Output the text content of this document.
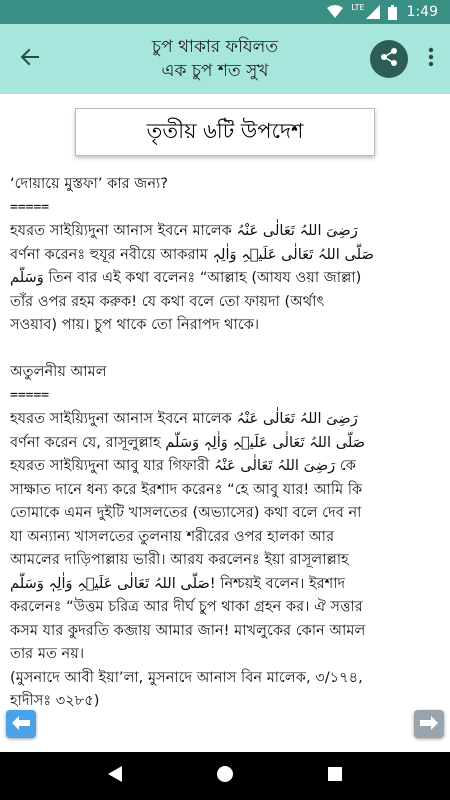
LTE	1:49
চুপ থাকার ফযিলত
এক চুপ শত সুখ
তৃতীয় ৬টি উপদেশ
‘দোয়ায়ে মুস্তফা’ কার জন্য?
=====
হযরত সাইয়্যিদুনা আনাস ইবনে মালেক رَضِیَ اللہُ تَعَالٰی عَنْہُ
বর্ণনা করেনঃ হুযূর নবীয়ে আকরাম صَلَّی اللہُ تَعَالٰی عَلَیۡہِ وَاٰلِہٖ
وَسَلَّم তিন বার এই কথা বলেনঃ “আল্লাহ (আযয ওয়া জাল্লা)
তাঁর ওপর রহম করুক! যে কথা বলে তো ফায়দা (অর্থাৎ
সওয়াব) পায়। চুপ থাকে তো নিরাপদ থাকে।
অতুলনীয় আমল
=====
হযরত সাইয়্যিদুনা আনাস ইবনে মালেক رَضِیَ اللہُ تَعَالٰی عَنْہُ
বর্ণনা করেন যে, রাসূলুল্লাহ صَلَّی اللہُ تَعَالٰی عَلَیۡہِ وَاٰلِہٖ وَسَلَّم
হযরত সাইয়্যিদুনা আবু যার গিফারী رَضِیَ اللہُ تَعَالٰی عَنْہُ কে
সাক্ষাত দানে ধন্য করে ইরশাদ করেনঃ “হে আবু যার! আমি কি
তোমাকে এমন দুইটি খাসলতের (অভ্যাসের) কথা বলে দেব না
যা অন্যান্য খাসলতের তুলনায় শরীরের ওপর হালকা আর
আমলের দাড়িপাল্লায় ভারী। আরয করলেনঃ ইয়া রাসূলাল্লাহ
صَلَّی اللہُ تَعَالٰی عَلَیۡہِ وَاٰلِہٖ وَسَلَّم! নিশ্চয়ই বলেন। ইরশাদ
করলেনঃ “উত্তম চরিত্র আর দীর্ঘ চুপ থাকা গ্রহন কর। ঐ সত্তার
কসম যার কুদরতি কব্জায় আমার জান! মাখলুকের কোন আমল
তার মত নয়।
(মুসনাদে আবী ইয়া’লা, মুসনাদে আনাস বিন মালেক, ৩/১৭৪,
হাদীসঃ ৩২৮৫)
